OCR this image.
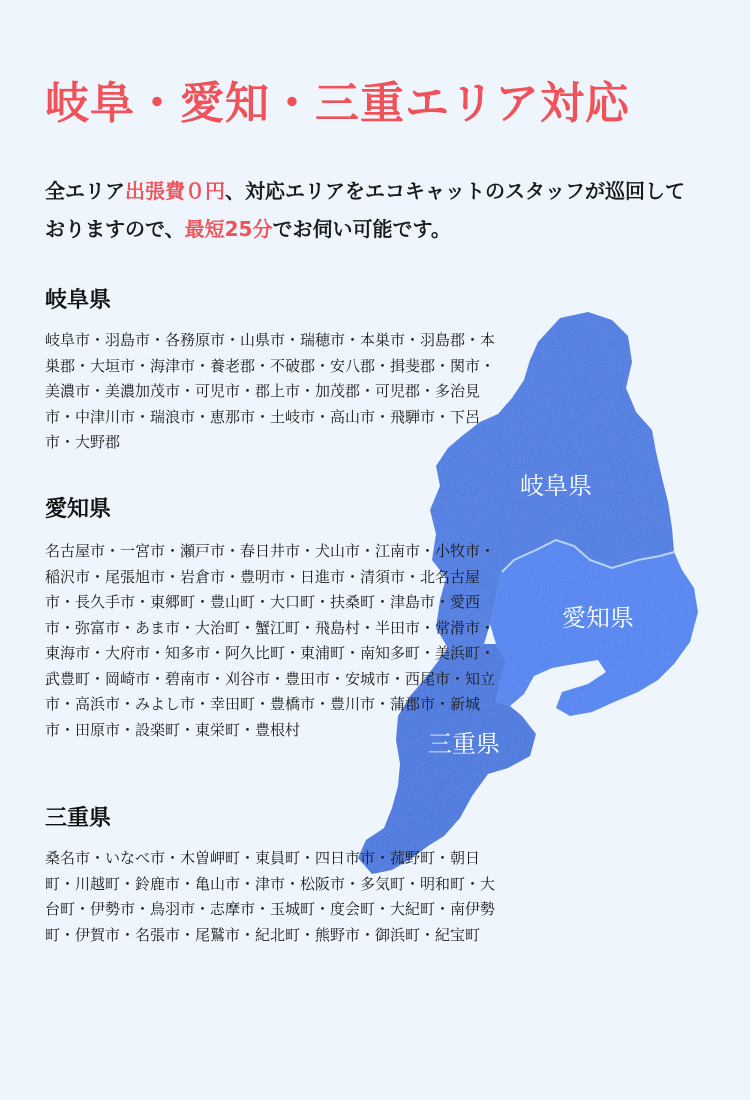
岐阜・愛知・三重エリア対応

全エリア出張費０円、対応エリアをエコキャットのスタッフが巡回しておりますので、最短25分でお伺い可能です。

岐阜県
愛知県
三重県
岐阜県

岐阜市・羽島市・各務原市・山県市・瑞穂市・本巣市・羽島郡・本巣郡・大垣市・海津市・養老郡・不破郡・安八郡・揖斐郡・関市・美濃市・美濃加茂市・可児市・郡上市・加茂郡・可児郡・多治見市・中津川市・瑞浪市・恵那市・土岐市・高山市・飛騨市・下呂市・大野郡

愛知県

名古屋市・一宮市・瀬戸市・春日井市・犬山市・江南市・小牧市・稲沢市・尾張旭市・岩倉市・豊明市・日進市・清須市・北名古屋市・長久手市・東郷町・豊山町・大口町・扶桑町・津島市・愛西市・弥富市・あま市・大治町・蟹江町・飛島村・半田市・常滑市・東海市・大府市・知多市・阿久比町・東浦町・南知多町・美浜町・武豊町・岡崎市・碧南市・刈谷市・豊田市・安城市・西尾市・知立市・高浜市・みよし市・幸田町・豊橋市・豊川市・蒲郡市・新城市・田原市・設楽町・東栄町・豊根村

三重県

桑名市・いなべ市・木曽岬町・東員町・四日市市・菰野町・朝日町・川越町・鈴鹿市・亀山市・津市・松阪市・多気町・明和町・大台町・伊勢市・鳥羽市・志摩市・玉城町・度会町・大紀町・南伊勢町・伊賀市・名張市・尾鷲市・紀北町・熊野市・御浜町・紀宝町
